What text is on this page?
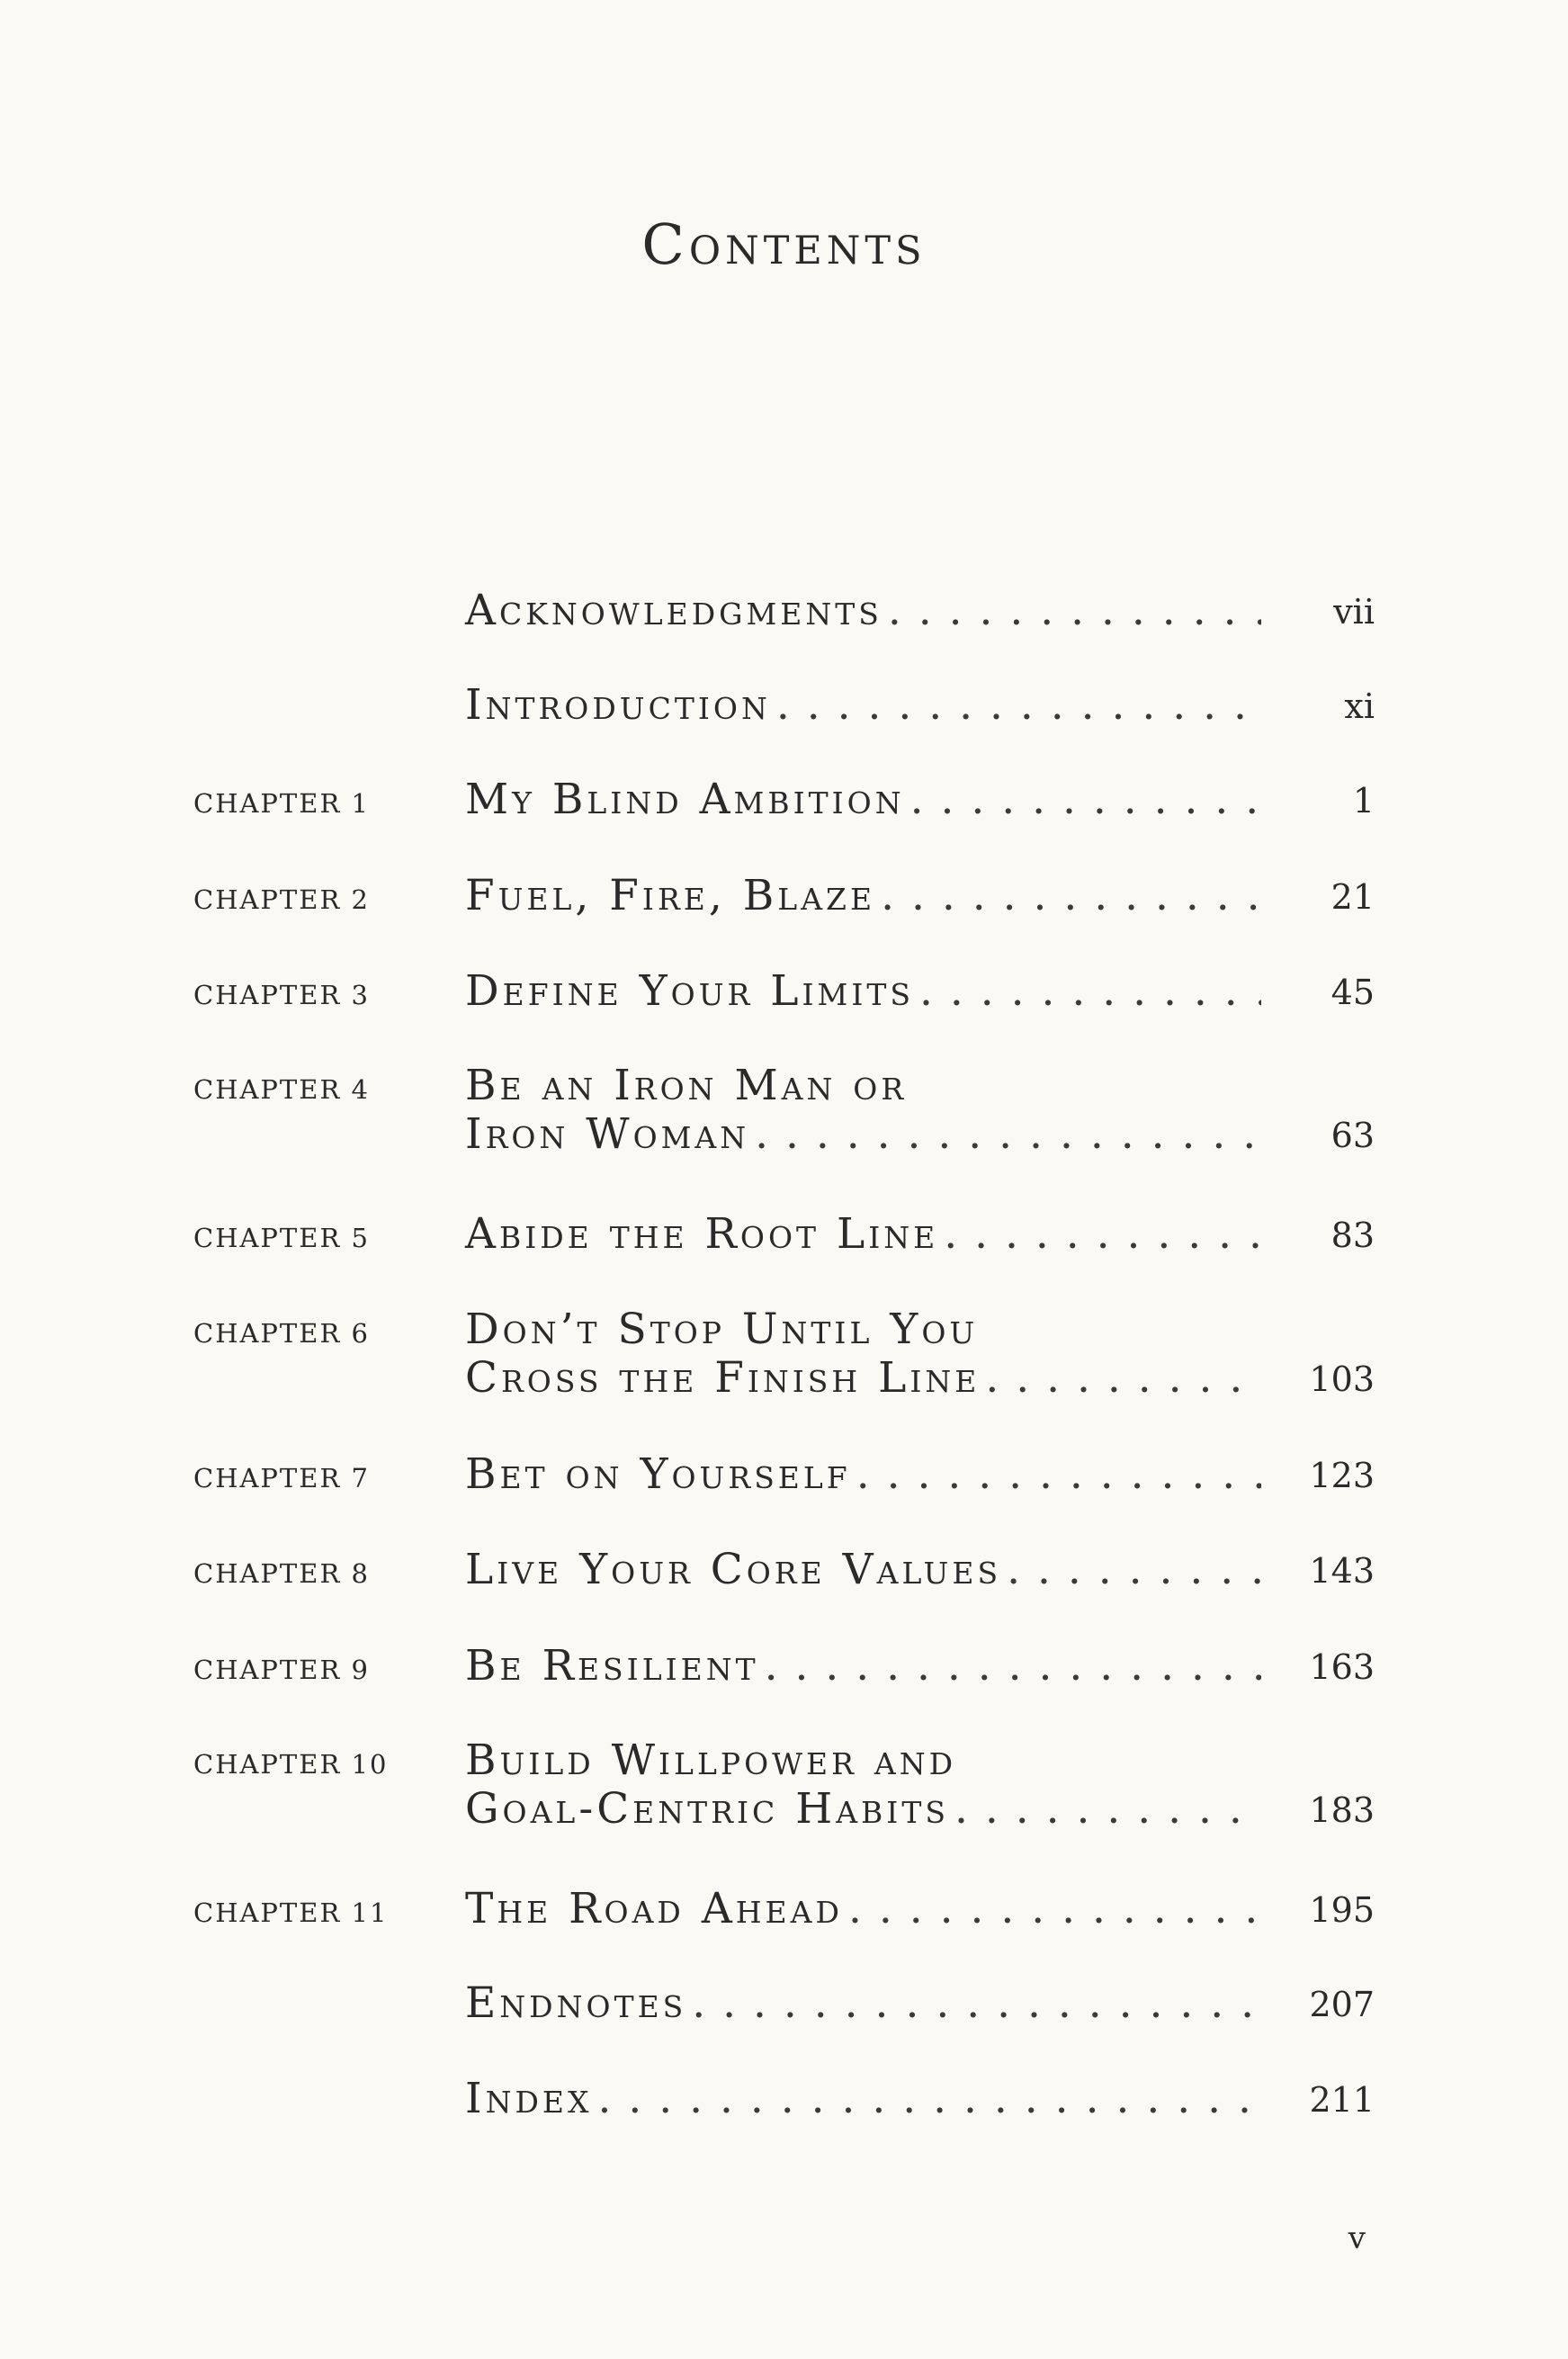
Contents
Acknowledgments . . .	vii
Introduction . . .	xi
CHAPTER 1 My Blind Ambition . . .	1
CHAPTER 2 Fuel, Fire, Blaze . . .	21
CHAPTER 3 Define Your Limits . . .	45
CHAPTER 4 Be an Iron Man or
Iron Woman . . .	63
CHAPTER 5 Abide the Root Line . . .	83
CHAPTER 6 Don’t Stop Until You
Cross the Finish Line . . .	103
CHAPTER 7 Bet on Yourself . . .	123
CHAPTER 8 Live Your Core Values . . .	143
CHAPTER 9 Be Resilient . . .	163
CHAPTER 10 Build Willpower and
Goal-Centric Habits . . .	183
CHAPTER 11 The Road Ahead . . .	195
Endnotes . . .	207
Index . . .	211
v
